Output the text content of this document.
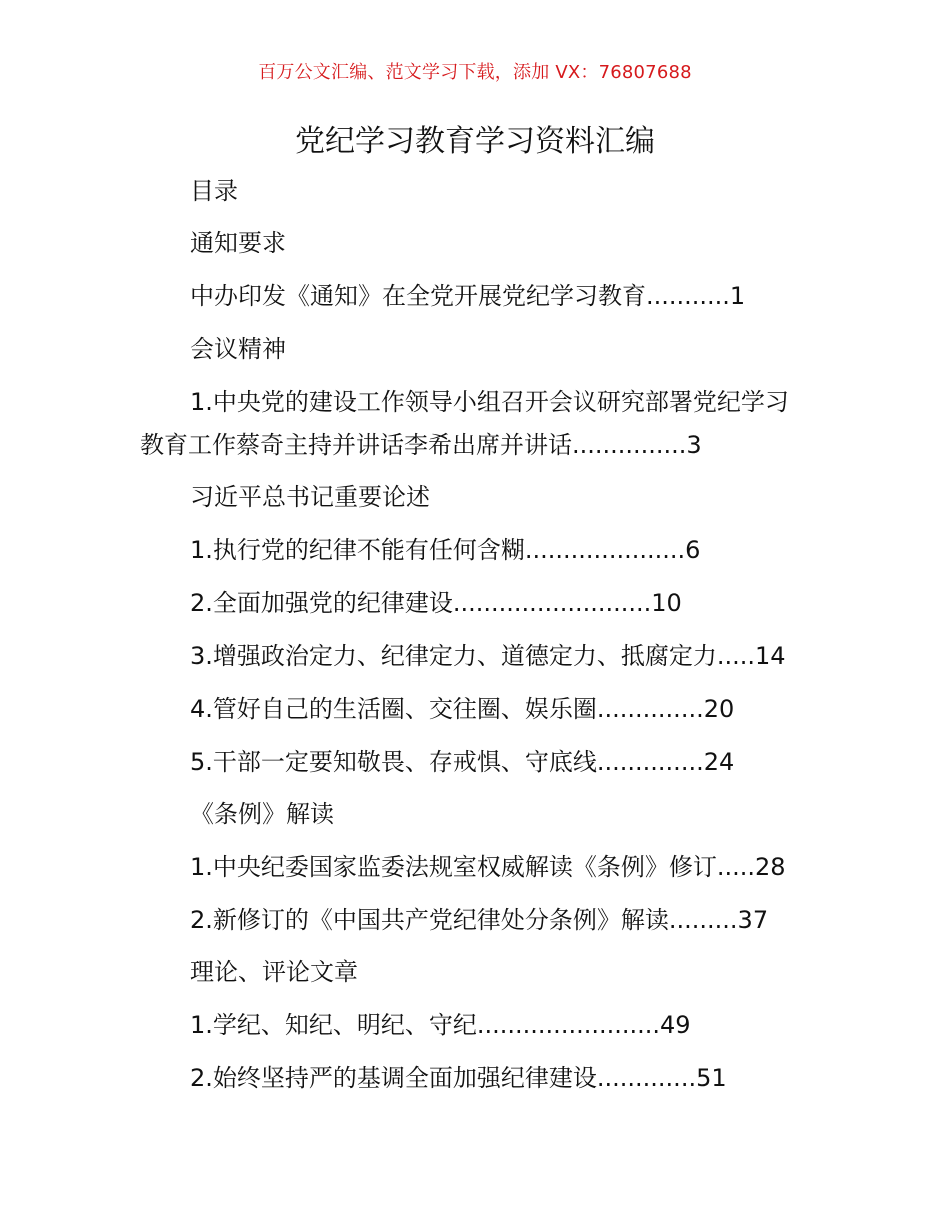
百万公文汇编、范文学习下载，添加 VX：76807688
党纪学习教育学习资料汇编
目录
通知要求
中办印发《通知》在全党开展党纪学习教育...........1
会议精神
1.中央党的建设工作领导小组召开会议研究部署党纪学习
教育工作蔡奇主持并讲话李希出席并讲话...............3
习近平总书记重要论述
1.执行党的纪律不能有任何含糊.....................6
2.全面加强党的纪律建设..........................10
3.增强政治定力、纪律定力、道德定力、抵腐定力.....14
4.管好自己的生活圈、交往圈、娱乐圈..............20
5.干部一定要知敬畏、存戒惧、守底线..............24
《条例》解读
1.中央纪委国家监委法规室权威解读《条例》修订.....28
2.新修订的《中国共产党纪律处分条例》解读.........37
理论、评论文章
1.学纪、知纪、明纪、守纪........................49
2.始终坚持严的基调全面加强纪律建设.............51
